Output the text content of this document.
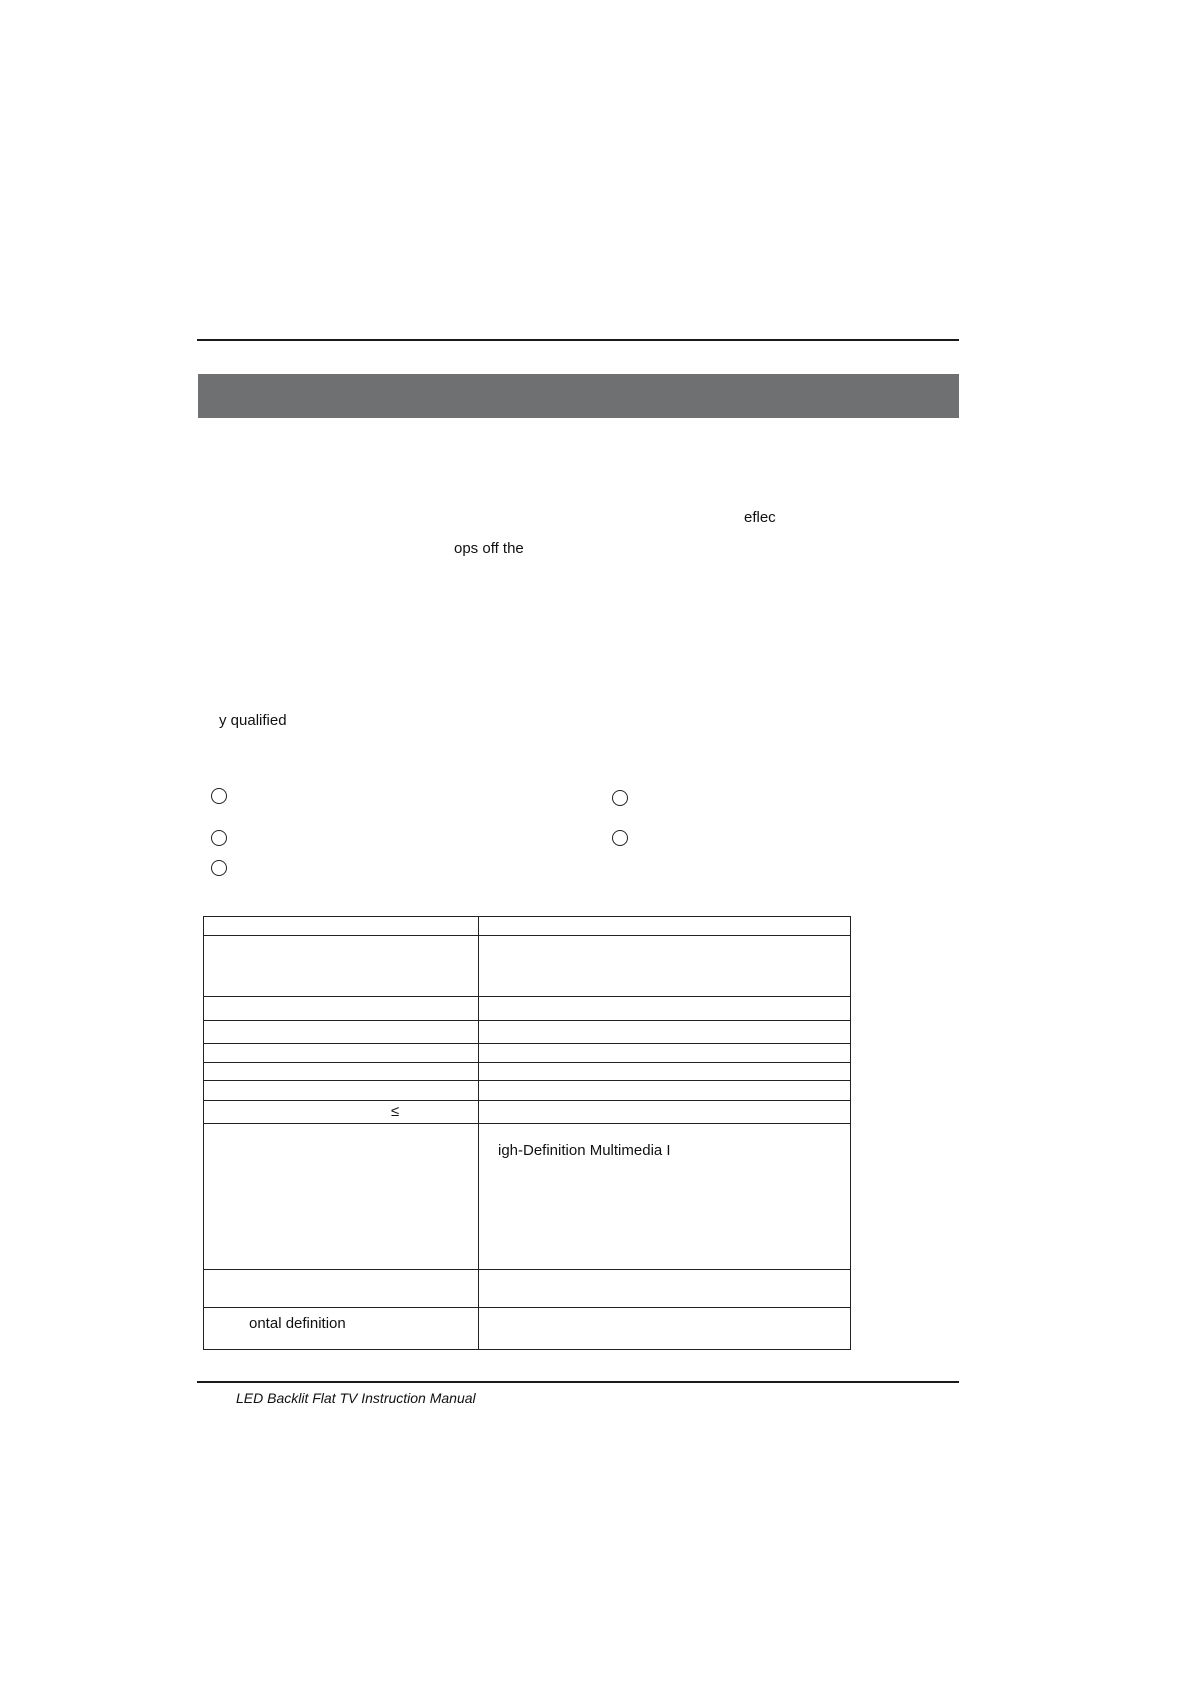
eflec
ops off the
y qualified
≤
igh-Definition Multimedia I
ontal definition
LED Backlit Flat TV Instruction Manual
